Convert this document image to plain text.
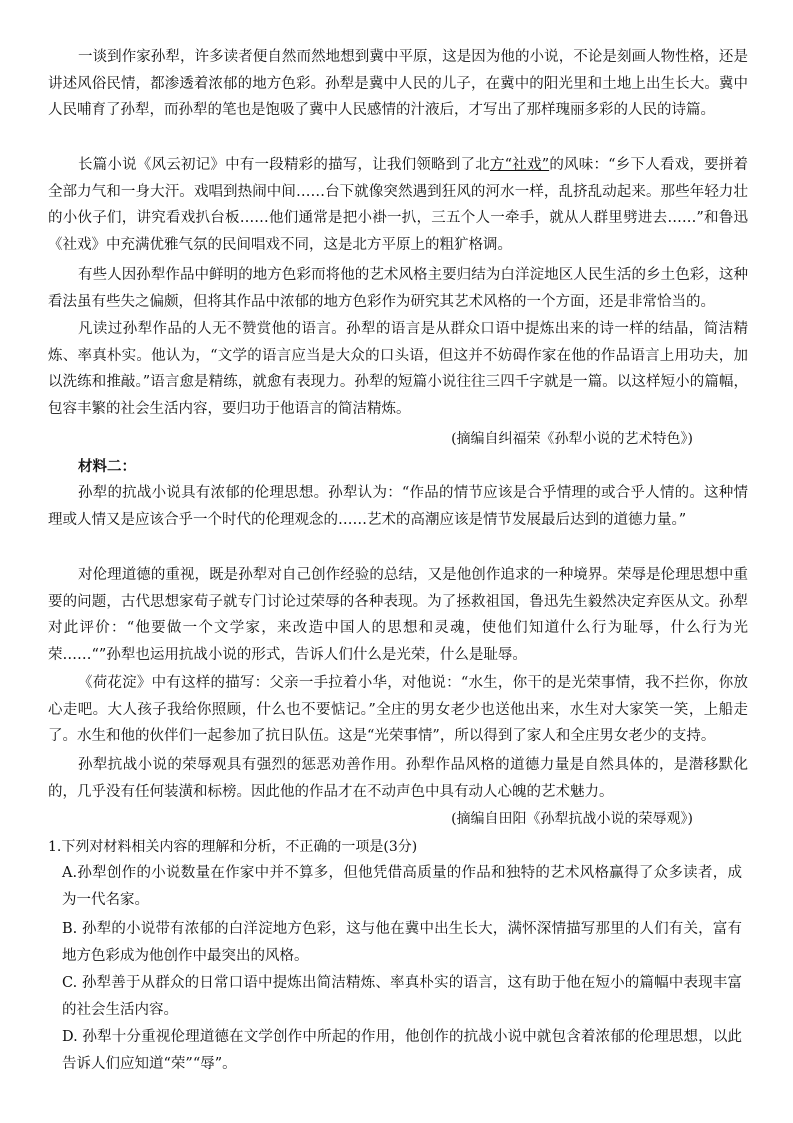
一谈到作家孙犁，许多读者便自然而然地想到冀中平原，这是因为他的小说，不论是刻画人物性格，还是讲述风俗民情，都渗透着浓郁的地方色彩。孙犁是冀中人民的儿子，在冀中的阳光里和土地上出生长大。冀中人民哺育了孙犁，而孙犁的笔也是饱吸了冀中人民感情的汁液后，才写出了那样瑰丽多彩的人民的诗篇。

长篇小说《风云初记》中有一段精彩的描写，让我们领略到了北方“社戏”的风味：“乡下人看戏，要拼着全部力气和一身大汗。戏唱到热闹中间……台下就像突然遇到狂风的河水一样，乱挤乱动起来。那些年轻力壮的小伙子们，讲究看戏扒台板……他们通常是把小褂一扒，三五个人一牵手，就从人群里劈进去……”和鲁迅《社戏》中充满优雅气氛的民间唱戏不同，这是北方平原上的粗犷格调。

有些人因孙犁作品中鲜明的地方色彩而将他的艺术风格主要归结为白洋淀地区人民生活的乡土色彩，这种看法虽有些失之偏颇，但将其作品中浓郁的地方色彩作为研究其艺术风格的一个方面，还是非常恰当的。

凡读过孙犁作品的人无不赞赏他的语言。孙犁的语言是从群众口语中提炼出来的诗一样的结晶，简洁精炼、率真朴实。他认为，“文学的语言应当是大众的口头语，但这并不妨碍作家在他的作品语言上用功夫，加以洗练和推敲。”语言愈是精练，就愈有表现力。孙犁的短篇小说往往三四千字就是一篇。以这样短小的篇幅，包容丰繁的社会生活内容，要归功于他语言的简洁精炼。

(摘编自纠福荣《孙犁小说的艺术特色》)

材料二：

孙犁的抗战小说具有浓郁的伦理思想。孙犁认为：“作品的情节应该是合乎情理的或合乎人情的。这种情理或人情又是应该合乎一个时代的伦理观念的……艺术的高潮应该是情节发展最后达到的道德力量。”

对伦理道德的重视，既是孙犁对自己创作经验的总结，又是他创作追求的一种境界。荣辱是伦理思想中重要的问题，古代思想家荀子就专门讨论过荣辱的各种表现。为了拯救祖国，鲁迅先生毅然决定弃医从文。孙犁对此评价：“他要做一个文学家，来改造中国人的思想和灵魂，使他们知道什么行为耻辱，什么行为光荣……“”孙犁也运用抗战小说的形式，告诉人们什么是光荣，什么是耻辱。

《荷花淀》中有这样的描写：父亲一手拉着小华，对他说：“水生，你干的是光荣事情，我不拦你，你放心走吧。大人孩子我给你照顾，什么也不要惦记。”全庄的男女老少也送他出来，水生对大家笑一笑，上船走了。水生和他的伙伴们一起参加了抗日队伍。这是“光荣事情”，所以得到了家人和全庄男女老少的支持。

孙犁抗战小说的荣辱观具有强烈的惩恶劝善作用。孙犁作品风格的道德力量是自然具体的，是潜移默化的，几乎没有任何装潢和标榜。因此他的作品才在不动声色中具有动人心魄的艺术魅力。

(摘编自田阳《孙犁抗战小说的荣辱观》)

1.下列对材料相关内容的理解和分析，不正确的一项是(3分)

A.孙犁创作的小说数量在作家中并不算多，但他凭借高质量的作品和独特的艺术风格赢得了众多读者，成为一代名家。

B. 孙犁的小说带有浓郁的白洋淀地方色彩，这与他在冀中出生长大，满怀深情描写那里的人们有关，富有地方色彩成为他创作中最突出的风格。

C. 孙犁善于从群众的日常口语中提炼出简洁精炼、率真朴实的语言，这有助于他在短小的篇幅中表现丰富的社会生活内容。

D. 孙犁十分重视伦理道德在文学创作中所起的作用，他创作的抗战小说中就包含着浓郁的伦理思想，以此告诉人们应知道“荣”“辱”。
